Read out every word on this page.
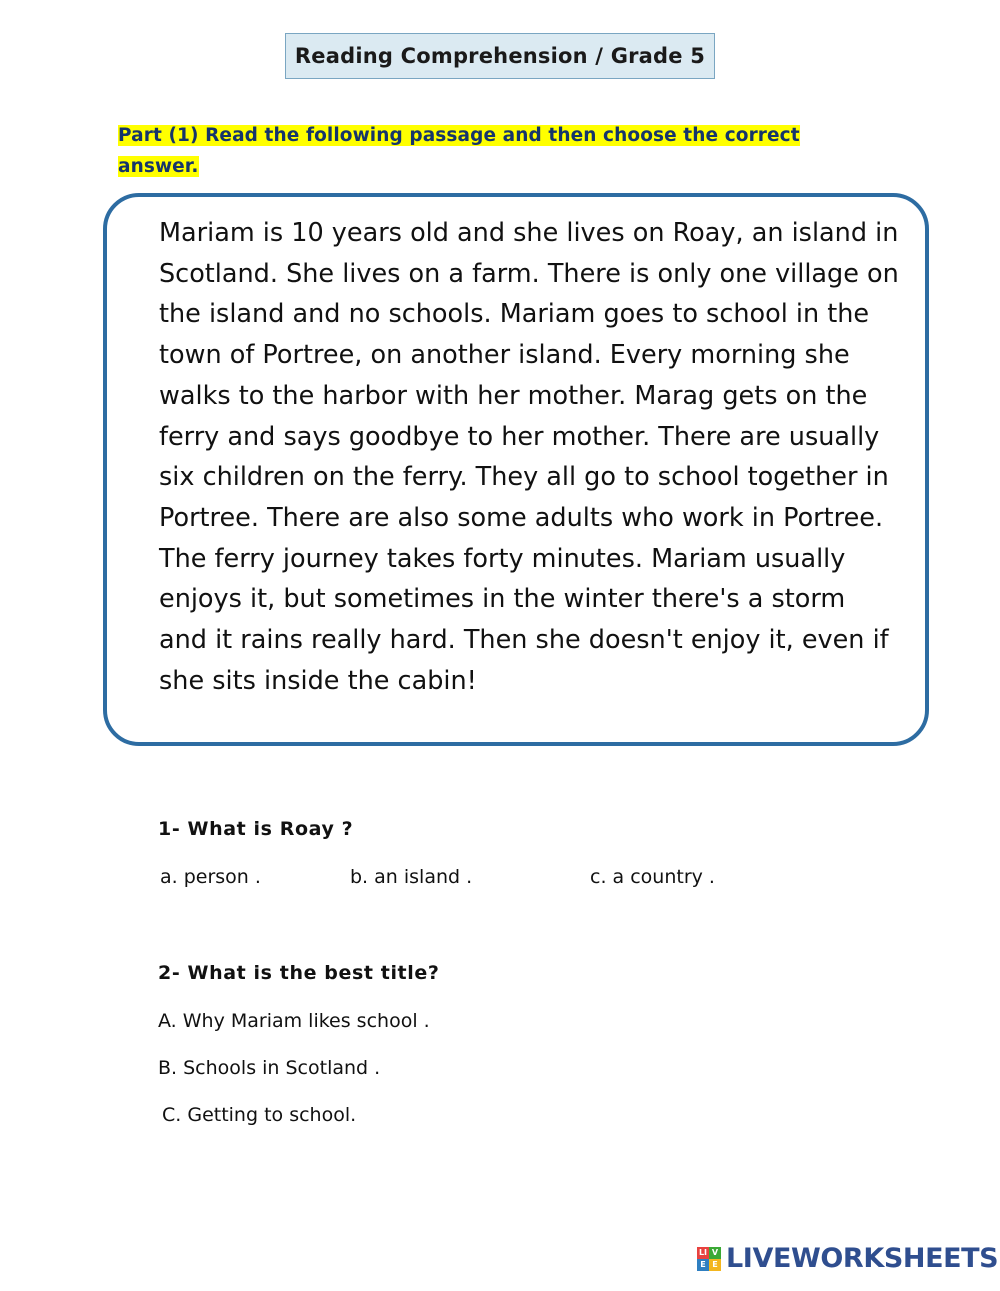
Reading Comprehension / Grade 5
Part (1) Read the following passage and then choose the correct answer.
Mariam is 10 years old and she lives on Roay, an island in Scotland. She lives on a farm. There is only one village on the island and no schools. Mariam goes to school in the town of Portree, on another island. Every morning she walks to the harbor with her mother. Marag gets on the ferry and says goodbye to her mother. There are usually six children on the ferry. They all go to school together in Portree. There are also some adults who work in Portree. The ferry journey takes forty minutes. Mariam usually enjoys it, but sometimes in the winter there's a storm and it rains really hard. Then she doesn't enjoy it, even if she sits inside the cabin!
1- What is Roay ?
a. person .	b. an island .	c. a country .
2- What is the best title?
A. Why Mariam likes school .
B. Schools in Scotland .
C. Getting to school.
LI V
E E LIVEWORKSHEETS
